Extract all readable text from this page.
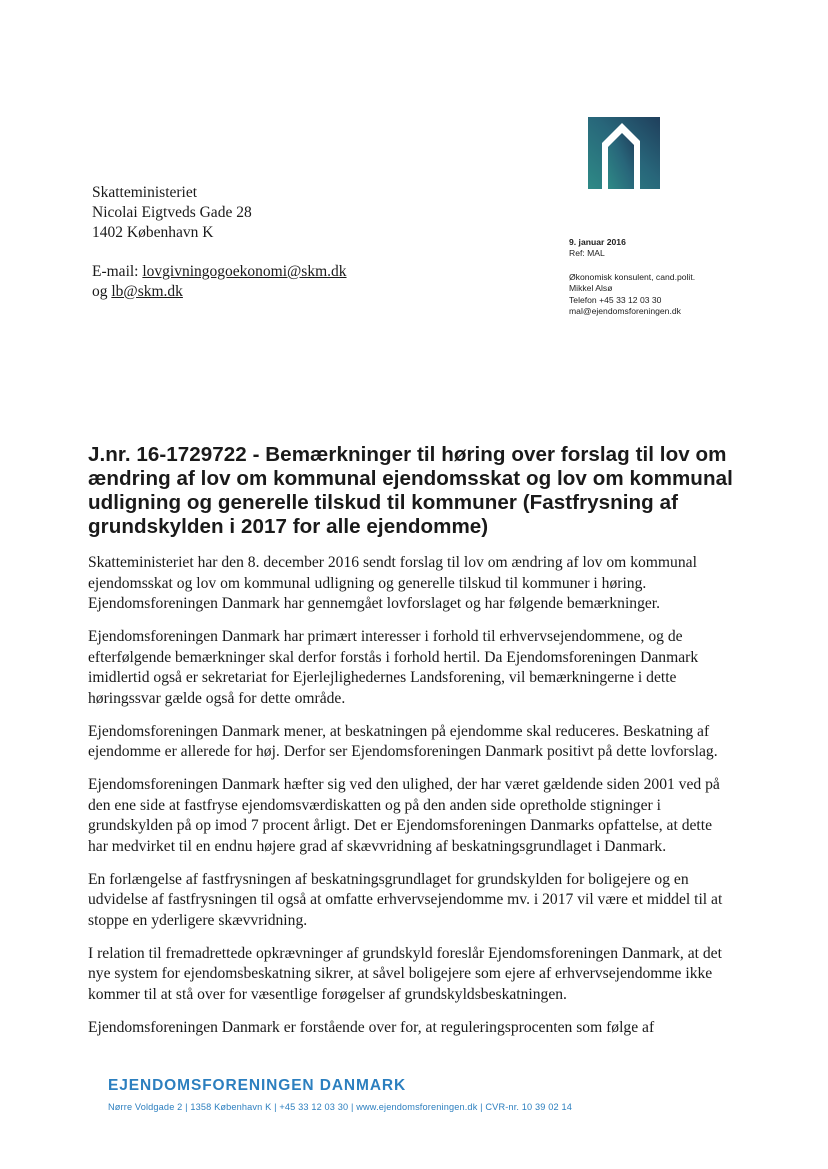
Skatteministeriet
Nicolai Eigtveds Gade 28
1402 København K
E-mail: lovgivningogoekonomi@skm.dk
og lb@skm.dk
9. januar 2016
Ref: MAL
Økonomisk konsulent, cand.polit.
Mikkel Alsø
Telefon +45 33 12 03 30
mal@ejendomsforeningen.dk
J.nr. 16-1729722 - Bemærkninger til høring over forslag til lov om ændring af lov om kommunal ejendomsskat og lov om kommunal udligning og generelle tilskud til kommuner (Fastfrysning af grundskylden i 2017 for alle ejendomme)

Skatteministeriet har den 8. december 2016 sendt forslag til lov om ændring af lov om kommunal ejendomsskat og lov om kommunal udligning og generelle tilskud til kommuner i høring. Ejendomsforeningen Danmark har gennemgået lovforslaget og har følgende bemærkninger.

Ejendomsforeningen Danmark har primært interesser i forhold til erhvervsejendommene, og de efterfølgende bemærkninger skal derfor forstås i forhold hertil. Da Ejendomsforeningen Danmark imidlertid også er sekretariat for Ejerlejlighedernes Landsforening, vil bemærkningerne i dette høringssvar gælde også for dette område.

Ejendomsforeningen Danmark mener, at beskatningen på ejendomme skal reduceres. Beskatning af ejendomme er allerede for høj. Derfor ser Ejendomsforeningen Danmark positivt på dette lovforslag.

Ejendomsforeningen Danmark hæfter sig ved den ulighed, der har været gældende siden 2001 ved på den ene side at fastfryse ejendomsværdiskatten og på den anden side opretholde stigninger i grundskylden på op imod 7 procent årligt. Det er Ejendomsforeningen Danmarks opfattelse, at dette har medvirket til en endnu højere grad af skævvridning af beskatningsgrundlaget i Danmark.

En forlængelse af fastfrysningen af beskatningsgrundlaget for grundskylden for boligejere og en udvidelse af fastfrysningen til også at omfatte erhvervsejendomme mv. i 2017 vil være et middel til at stoppe en yderligere skævvridning.

I relation til fremadrettede opkrævninger af grundskyld foreslår Ejendomsforeningen Danmark, at det nye system for ejendomsbeskatning sikrer, at såvel boligejere som ejere af erhvervsejendomme ikke kommer til at stå over for væsentlige forøgelser af grundskyldsbeskatningen.

Ejendomsforeningen Danmark er forstående over for, at reguleringsprocenten som følge af

EJENDOMSFORENINGEN DANMARK
Nørre Voldgade 2 | 1358 København K | +45 33 12 03 30 | www.ejendomsforeningen.dk | CVR-nr. 10 39 02 14
